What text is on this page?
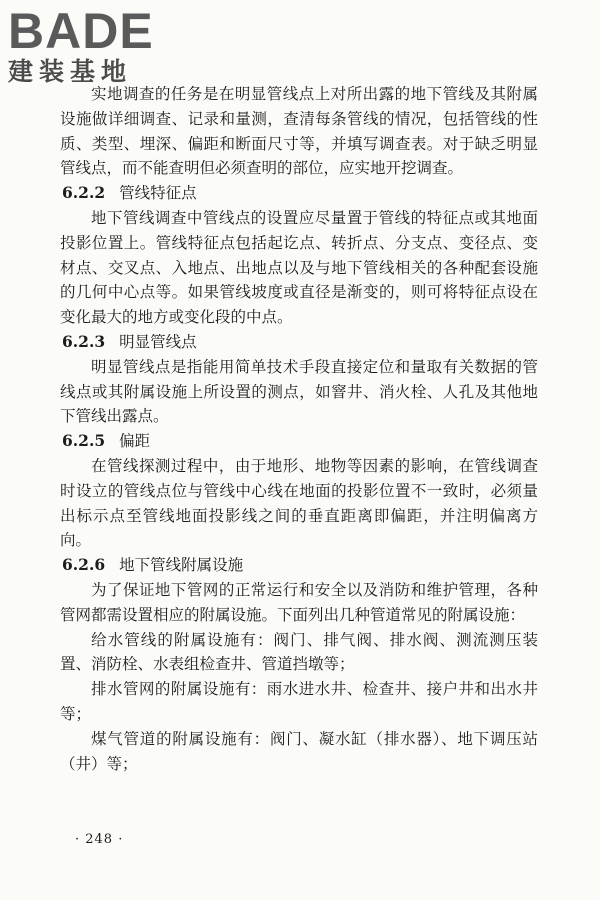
BADE
建装基地

实地调查的任务是在明显管线点上对所出露的地下管线及其附属设施做详细调查、记录和量测，查清每条管线的情况，包括管线的性质、类型、埋深、偏距和断面尺寸等，并填写调查表。对于缺乏明显管线点，而不能查明但必须查明的部位，应实地开挖调查。

6.2.2 管线特征点

地下管线调查中管线点的设置应尽量置于管线的特征点或其地面投影位置上。管线特征点包括起讫点、转折点、分支点、变径点、变材点、交叉点、入地点、出地点以及与地下管线相关的各种配套设施的几何中心点等。如果管线坡度或直径是渐变的，则可将特征点设在变化最大的地方或变化段的中点。

6.2.3 明显管线点

明显管线点是指能用简单技术手段直接定位和量取有关数据的管线点或其附属设施上所设置的测点，如窨井、消火栓、人孔及其他地下管线出露点。

6.2.5 偏距

在管线探测过程中，由于地形、地物等因素的影响，在管线调查时设立的管线点位与管线中心线在地面的投影位置不一致时，必须量出标示点至管线地面投影线之间的垂直距离即偏距，并注明偏离方向。

6.2.6 地下管线附属设施

为了保证地下管网的正常运行和安全以及消防和维护管理，各种管网都需设置相应的附属设施。下面列出几种管道常见的附属设施：

给水管线的附属设施有：阀门、排气阀、排水阀、测流测压装置、消防栓、水表组检查井、管道挡墩等；

排水管网的附属设施有：雨水进水井、检查井、接户井和出水井等；

煤气管道的附属设施有：阀门、凝水缸（排水器）、地下调压站（井）等；

· 248 ·
